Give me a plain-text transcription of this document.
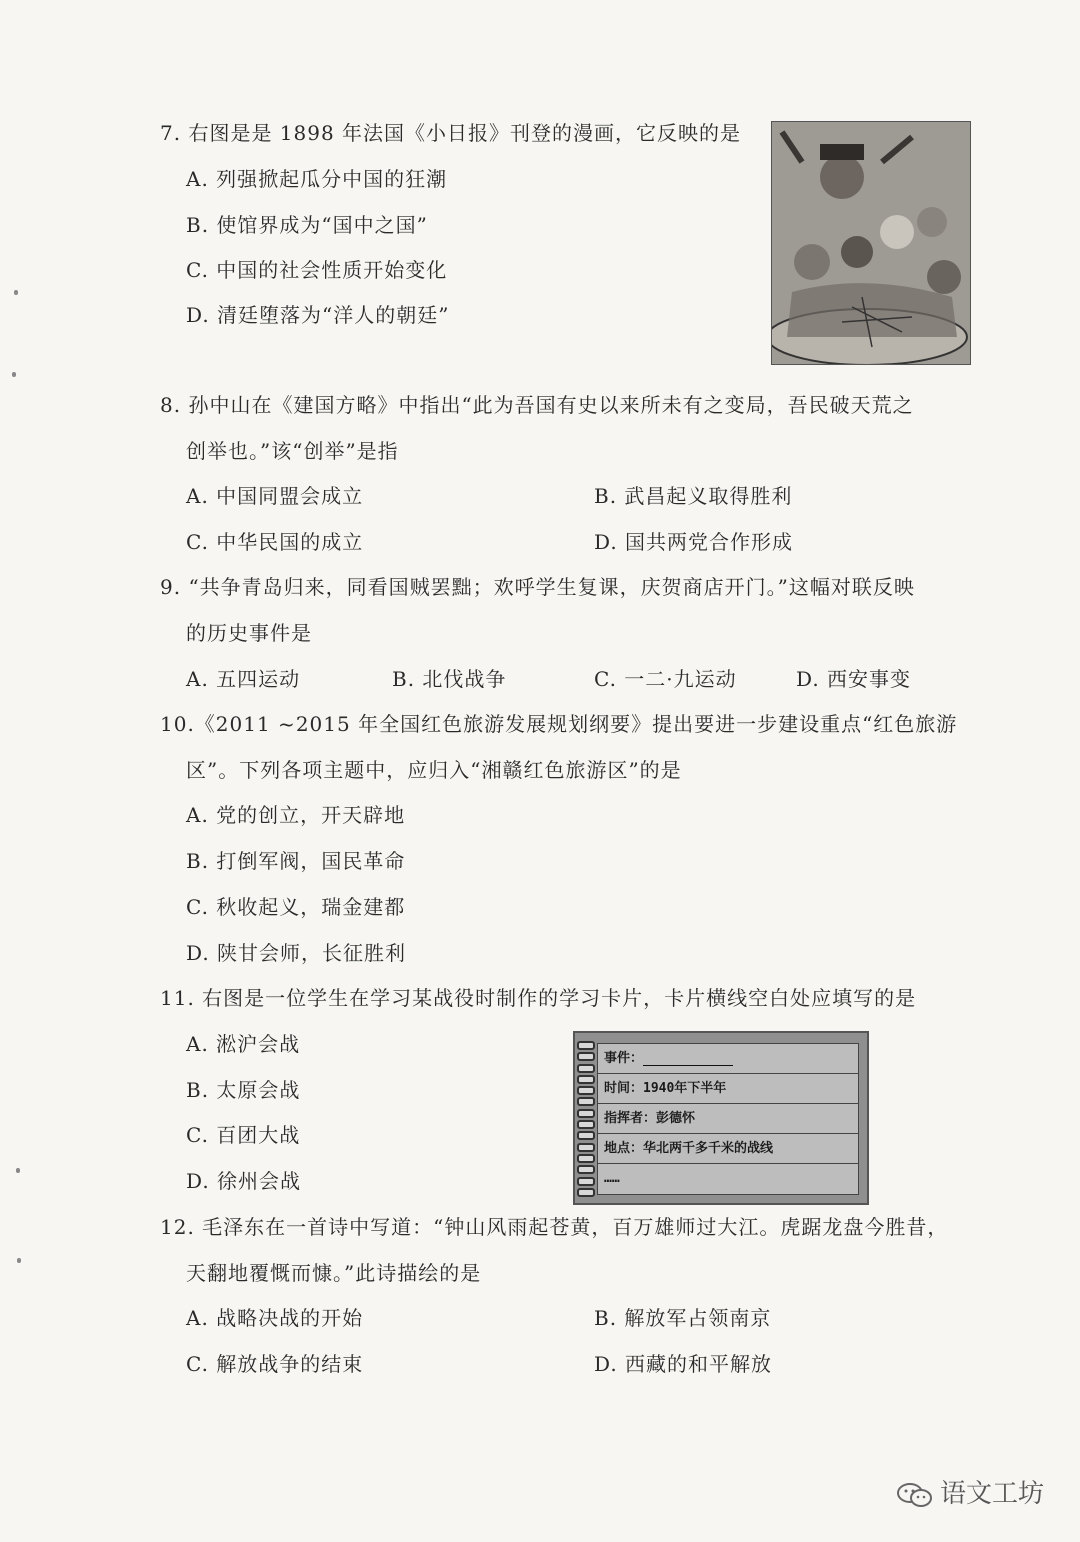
7. 右图是是 1898 年法国《小日报》刊登的漫画，它反映的是
A. 列强掀起瓜分中国的狂潮
B. 使馆界成为“国中之国”
C. 中国的社会性质开始变化
D. 清廷堕落为“洋人的朝廷”
8. 孙中山在《建国方略》中指出“此为吾国有史以来所未有之变局，吾民破天荒之
创举也。”该“创举”是指
A. 中国同盟会成立	B. 武昌起义取得胜利
C. 中华民国的成立	D. 国共两党合作形成
9. “共争青岛归来，同看国贼罢黜；欢呼学生复课，庆贺商店开门。”这幅对联反映
的历史事件是
A. 五四运动	B. 北伐战争	C. 一二·九运动	D. 西安事变
10.《2011 ~2015 年全国红色旅游发展规划纲要》提出要进一步建设重点“红色旅游
区”。下列各项主题中，应归入“湘赣红色旅游区”的是
A. 党的创立，开天辟地
B. 打倒军阀，国民革命
C. 秋收起义，瑞金建都
D. 陕甘会师，长征胜利
11. 右图是一位学生在学习某战役时制作的学习卡片，卡片横线空白处应填写的是
A. 淞沪会战
B. 太原会战
C. 百团大战
D. 徐州会战
事件：
时间：1940年下半年
指挥者：彭德怀
地点：华北两千多千米的战线
……
12. 毛泽东在一首诗中写道：“钟山风雨起苍黄，百万雄师过大江。虎踞龙盘今胜昔，
天翻地覆慨而慷。”此诗描绘的是
A. 战略决战的开始	B. 解放军占领南京
C. 解放战争的结束	D. 西藏的和平解放
语文工坊
